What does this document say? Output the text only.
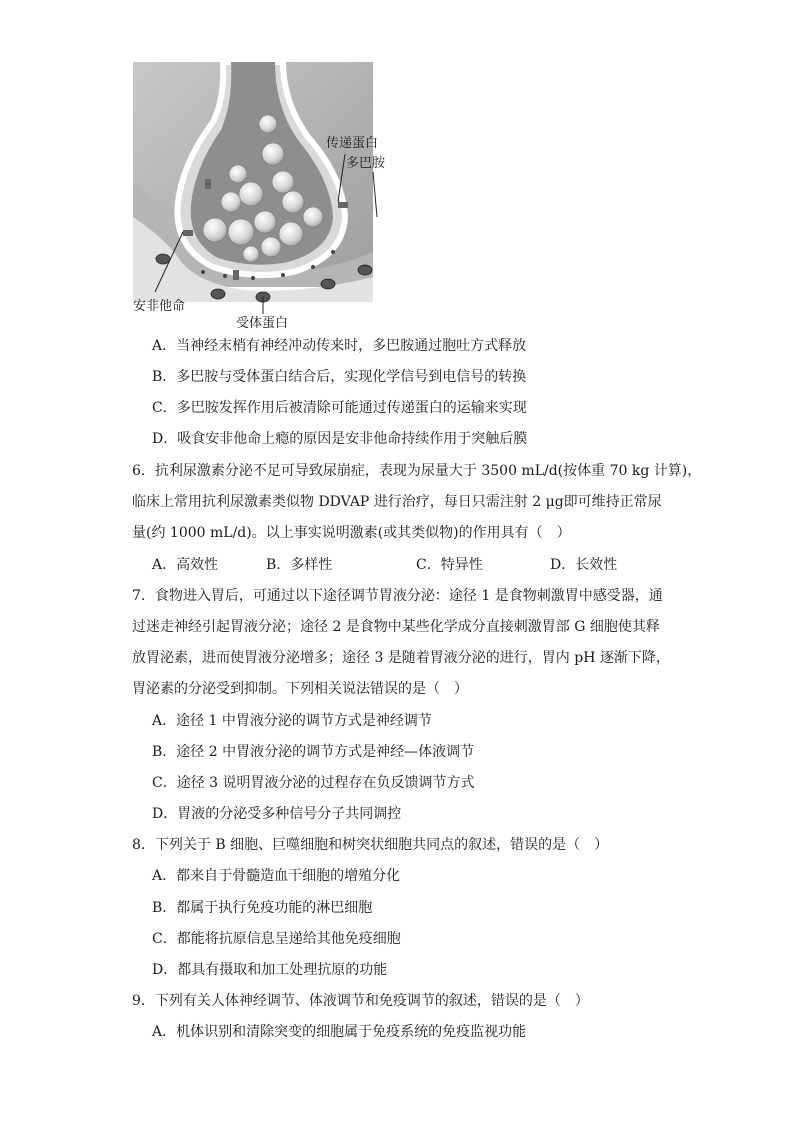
传递蛋白
多巴胺
安非他命
受体蛋白
A．当神经末梢有神经冲动传来时，多巴胺通过胞吐方式释放
B．多巴胺与受体蛋白结合后，实现化学信号到电信号的转换
C．多巴胺发挥作用后被清除可能通过传递蛋白的运输来实现
D．吸食安非他命上瘾的原因是安非他命持续作用于突触后膜
6．抗利尿激素分泌不足可导致尿崩症，表现为尿量大于 3500 mL/d(按体重 70 kg 计算)，
临床上常用抗利尿激素类似物 DDVAP 进行治疗，每日只需注射 2 μg即可维持正常尿
量(约 1000 mL/d)。以上事实说明激素(或其类似物)的作用具有（　）
A．高效性	B．多样性	C．特异性	D．长效性
7．食物进入胃后，可通过以下途径调节胃液分泌：途径 1 是食物刺激胃中感受器，通
过迷走神经引起胃液分泌；途径 2 是食物中某些化学成分直接刺激胃部 G 细胞使其释
放胃泌素，进而使胃液分泌增多；途径 3 是随着胃液分泌的进行，胃内 pH 逐渐下降，
胃泌素的分泌受到抑制。下列相关说法错误的是（　）
A．途径 1 中胃液分泌的调节方式是神经调节
B．途径 2 中胃液分泌的调节方式是神经—体液调节
C．途径 3 说明胃液分泌的过程存在负反馈调节方式
D．胃液的分泌受多种信号分子共同调控
8．下列关于 B 细胞、巨噬细胞和树突状细胞共同点的叙述，错误的是（　）
A．都来自于骨髓造血干细胞的增殖分化
B．都属于执行免疫功能的淋巴细胞
C．都能将抗原信息呈递给其他免疫细胞
D．都具有摄取和加工处理抗原的功能
9．下列有关人体神经调节、体液调节和免疫调节的叙述，错误的是（　）
A．机体识别和清除突变的细胞属于免疫系统的免疫监视功能
